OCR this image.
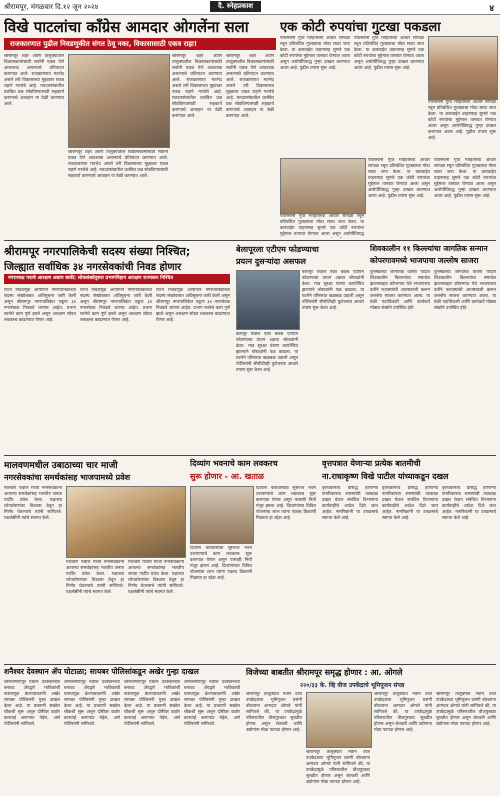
श्रीरामपूर, मंगळवार दि.१२ जून २०२४	दै. स्नेहप्रकाश	४
विखे पाटलांचा काँग्रेस आमदार ओगलेंना सला
राजकारणात पुढील निवडणुकीत संगत ठेवू नका, विकासासाठी एकत्र राहा!
श्रीरामपूर शहर आणि तालुक्यातील विकासकामांसाठी सर्वांनी एकत्र येणे आवश्यक असल्याचे प्रतिपादन करण्यात आले. राजकारणात मतभेद असले तरी विकासाच्या मुद्द्यावर एकत्र राहणे गरजेचे आहे. मतदारसंघातील प्रलंबित प्रश्न सोडविण्यासाठी सहकार्य करण्याचे आवाहन या वेळी करण्यात आले.
श्रीरामपूर शहर आणि तालुक्यातील विकासकामांसाठी सर्वांनी एकत्र येणे आवश्यक असल्याचे प्रतिपादन करण्यात आले. राजकारणात मतभेद असले तरी विकासाच्या मुद्द्यावर एकत्र राहणे गरजेचे आहे. मतदारसंघातील प्रलंबित प्रश्न सोडविण्यासाठी सहकार्य करण्याचे आवाहन या वेळी करण्यात आले.
श्रीरामपूर शहर आणि तालुक्यातील विकासकामांसाठी सर्वांनी एकत्र येणे आवश्यक असल्याचे प्रतिपादन करण्यात आले. राजकारणात मतभेद असले तरी विकासाच्या मुद्द्यावर एकत्र राहणे गरजेचे आहे. मतदारसंघातील प्रलंबित प्रश्न सोडविण्यासाठी सहकार्य करण्याचे आवाहन या वेळी करण्यात आले.
श्रीरामपूर शहर आणि तालुक्यातील विकासकामांसाठी सर्वांनी एकत्र येणे आवश्यक असल्याचे प्रतिपादन करण्यात आले. राजकारणात मतभेद असले तरी विकासाच्या मुद्द्यावर एकत्र राहणे गरजेचे आहे. मतदारसंघातील प्रलंबित प्रश्न सोडविण्यासाठी सहकार्य करण्याचे आवाहन या वेळी करण्यात आले.
एक कोटी रुपयांचा गुटखा पकडला
पोलिसांनी गुप्त माहितीच्या आधारे सापळा रचून प्रतिबंधित गुटख्याचा मोठा साठा जप्त केला. या कारवाईत वाहनासह सुमारे एक कोटी रुपयांचा मुद्देमाल ताब्यात घेण्यात आला असून आरोपींविरुद्ध गुन्हा दाखल करण्यात आला आहे. पुढील तपास सुरू आहे.
पोलिसांनी गुप्त माहितीच्या आधारे सापळा रचून प्रतिबंधित गुटख्याचा मोठा साठा जप्त केला. या कारवाईत वाहनासह सुमारे एक कोटी रुपयांचा मुद्देमाल ताब्यात घेण्यात आला असून आरोपींविरुद्ध गुन्हा दाखल करण्यात आला आहे. पुढील तपास सुरू आहे.
पोलिसांनी गुप्त माहितीच्या आधारे सापळा रचून प्रतिबंधित गुटख्याचा मोठा साठा जप्त केला. या कारवाईत वाहनासह सुमारे एक कोटी रुपयांचा मुद्देमाल ताब्यात घेण्यात आला असून आरोपींविरुद्ध गुन्हा दाखल करण्यात आला आहे. पुढील तपास सुरू आहे.
पोलिसांनी गुप्त माहितीच्या आधारे सापळा रचून प्रतिबंधित गुटख्याचा मोठा साठा जप्त केला. या कारवाईत वाहनासह सुमारे एक कोटी रुपयांचा मुद्देमाल ताब्यात घेण्यात आला असून आरोपींविरुद्ध गुन्हा दाखल करण्यात आला आहे. पुढील तपास सुरू आहे.
पोलिसांनी गुप्त माहितीच्या आधारे सापळा रचून प्रतिबंधित गुटख्याचा मोठा साठा जप्त केला. या कारवाईत वाहनासह सुमारे एक कोटी रुपयांचा मुद्देमाल ताब्यात घेण्यात आला असून आरोपींविरुद्ध गुन्हा दाखल करण्यात आला आहे. पुढील तपास सुरू आहे.
पोलिसांनी गुप्त माहितीच्या आधारे सापळा रचून प्रतिबंधित गुटख्याचा मोठा साठा जप्त केला. या कारवाईत वाहनासह सुमारे एक कोटी रुपयांचा मुद्देमाल ताब्यात घेण्यात आला असून आरोपींविरुद्ध
श्रीरामपूर नगरपालिकेची सदस्य संख्या निश्चित;
जिल्ह्यात सर्वाधिक ३४ नगरसेवकांची निवड होणार
नगराध्यक्ष पदाचे आरक्षण अद्याप बाकी; लोकसंख्येनुसार प्रभागनिहाय आरक्षण राज्यस्तर निश्चित
राज्य निवडणूक आयोगाने नगरपालिकांच्या सदस्य संख्येबाबत अधिसूचना जारी केली असून श्रीरामपूर नगरपालिकेत एकूण ३४ नगरसेवक निवडले जाणार आहेत. प्रभाग रचनेचे काम पूर्ण झाले असून आरक्षण सोडत लवकरच काढण्यात येणार आहे.
राज्य निवडणूक आयोगाने नगरपालिकांच्या सदस्य संख्येबाबत अधिसूचना जारी केली असून श्रीरामपूर नगरपालिकेत एकूण ३४ नगरसेवक निवडले जाणार आहेत. प्रभाग रचनेचे काम पूर्ण झाले असून आरक्षण सोडत लवकरच काढण्यात येणार आहे.
राज्य निवडणूक आयोगाने नगरपालिकांच्या सदस्य संख्येबाबत अधिसूचना जारी केली असून श्रीरामपूर नगरपालिकेत एकूण ३४ नगरसेवक निवडले जाणार आहेत. प्रभाग रचनेचे काम पूर्ण झाले असून आरक्षण सोडत लवकरच काढण्यात येणार आहे.
बेलापूरला एटीएम फोडण्याचा
प्रयत्न दुसऱ्यांदा असफल
बेलापूर येथील एका बँकेचे एटीएम फोडण्याचा प्रयत्न अज्ञात चोरट्यांनी केला. मात्र सुरक्षा यंत्रणा कार्यान्वित झाल्याने चोरट्यांनी पळ काढला. या घटनेने परिसरात खळबळ उडाली असून पोलिसांनी सीसीटीव्ही फुटेजच्या आधारे तपास सुरू केला आहे.
बेलापूर येथील एका बँकेचे एटीएम फोडण्याचा प्रयत्न अज्ञात चोरट्यांनी केला. मात्र सुरक्षा यंत्रणा कार्यान्वित झाल्याने चोरट्यांनी पळ काढला. या घटनेने परिसरात खळबळ उडाली असून पोलिसांनी सीसीटीव्ही फुटेजच्या आधारे तपास सुरू केला आहे.
शिवकालीन ११ किल्ल्यांचा जागतिक सन्मान
कोपरगावमध्ये भाजपाचा जल्लोष साजरा
युनेस्कोच्या जागतिक वारसा यादीत शिवकालीन किल्ल्यांचा समावेश झाल्याबद्दल कोपरगाव येथे भाजपाच्या वतीने फटाक्यांची आतषबाजी करून जल्लोष साजरा करण्यात आला. या वेळी पदाधिकारी आणि कार्यकर्ते मोठ्या संख्येने उपस्थित होते.
युनेस्कोच्या जागतिक वारसा यादीत शिवकालीन किल्ल्यांचा समावेश झाल्याबद्दल कोपरगाव येथे भाजपाच्या वतीने फटाक्यांची आतषबाजी करून जल्लोष साजरा करण्यात आला. या वेळी पदाधिकारी आणि कार्यकर्ते मोठ्या संख्येने उपस्थित होते.
मालवणमधील उबाठाच्या चार माजी
नगरसेवकांचा समर्थकांसह भाजपामध्ये प्रवेश
मालवण येथील माजी नगरसेवकांनी आपल्या समर्थकांसह भारतीय जनता पार्टीत प्रवेश केला. पक्षाच्या ध्येयधोरणांवर विश्वास ठेवून हा निर्णय घेतल्याचे त्यांनी सांगितले. पक्षश्रेष्ठींनी त्यांचे स्वागत केले.
मालवण येथील माजी नगरसेवकांनी आपल्या समर्थकांसह भारतीय जनता पार्टीत प्रवेश केला. पक्षाच्या ध्येयधोरणांवर विश्वास ठेवून हा निर्णय घेतल्याचे त्यांनी सांगितले. पक्षश्रेष्ठींनी त्यांचे स्वागत केले.
मालवण येथील माजी नगरसेवकांनी आपल्या समर्थकांसह भारतीय जनता पार्टीत प्रवेश केला. पक्षाच्या ध्येयधोरणांवर विश्वास ठेवून हा निर्णय घेतल्याचे त्यांनी सांगितले. पक्षश्रेष्ठींनी त्यांचे स्वागत केले.
दिव्यांग भवनाचे काम लवकरच
सुरू होणार - आ. खताळ
दिव्यांग बांधवांसाठी सुसज्ज भवन उभारण्याचे काम लवकरच सुरू करण्यात येणार असून यासाठी निधी मंजूर झाला आहे. दिव्यांगांच्या विविध योजनांचा लाभ त्यांना एकाच ठिकाणी मिळावा हा उद्देश आहे.
दिव्यांग बांधवांसाठी सुसज्ज भवन उभारण्याचे काम लवकरच सुरू करण्यात येणार असून यासाठी निधी मंजूर झाला आहे. दिव्यांगांच्या विविध योजनांचा लाभ त्यांना एकाच ठिकाणी मिळावा हा उद्देश आहे.
वृत्तपत्रात येणाऱ्या प्रत्येक बातमीची
ना.राधाकृष्ण विखे पाटील यांच्याकडून दखल
वृत्तपत्रांमध्ये प्रसिद्ध होणाऱ्या नागरिकांच्या समस्यांची तात्काळ दखल घेऊन संबंधित विभागांना कार्यवाहीचे आदेश दिले जात आहेत. नागरिकांनी या उपक्रमाचे स्वागत केले आहे.
वृत्तपत्रांमध्ये प्रसिद्ध होणाऱ्या नागरिकांच्या समस्यांची तात्काळ दखल घेऊन संबंधित विभागांना कार्यवाहीचे आदेश दिले जात आहेत. नागरिकांनी या उपक्रमाचे स्वागत केले आहे.
वृत्तपत्रांमध्ये प्रसिद्ध होणाऱ्या नागरिकांच्या समस्यांची तात्काळ दखल घेऊन संबंधित विभागांना कार्यवाहीचे आदेश दिले जात आहेत. नागरिकांनी या उपक्रमाचे स्वागत केले आहे.
शनैश्वर देवस्थान ॲप घोटाळा; सायबर पोलिसांकडून अखेर गुन्हा दाखल
शनिशिंगणापूर येथील देवस्थानच्या बनावट ॲपद्वारे भाविकांची फसवणूक केल्याप्रकरणी अखेर सायबर पोलिसांनी गुन्हा दाखल केला आहे. या प्रकरणी सखोल चौकशी सुरू असून दोषींवर कठोर कारवाई करण्यात येईल, असे पोलिसांनी सांगितले.
शनिशिंगणापूर येथील देवस्थानच्या बनावट ॲपद्वारे भाविकांची फसवणूक केल्याप्रकरणी अखेर सायबर पोलिसांनी गुन्हा दाखल केला आहे. या प्रकरणी सखोल चौकशी सुरू असून दोषींवर कठोर कारवाई करण्यात येईल, असे पोलिसांनी सांगितले.
शनिशिंगणापूर येथील देवस्थानच्या बनावट ॲपद्वारे भाविकांची फसवणूक केल्याप्रकरणी अखेर सायबर पोलिसांनी गुन्हा दाखल केला आहे. या प्रकरणी सखोल चौकशी सुरू असून दोषींवर कठोर कारवाई करण्यात येईल, असे पोलिसांनी सांगितले.
शनिशिंगणापूर येथील देवस्थानच्या बनावट ॲपद्वारे भाविकांची फसवणूक केल्याप्रकरणी अखेर सायबर पोलिसांनी गुन्हा दाखल केला आहे. या प्रकरणी सखोल चौकशी सुरू असून दोषींवर कठोर कारवाई करण्यात येईल, असे पोलिसांनी सांगितले.
विजेच्या बाबतीत श्रीरामपूर समृद्ध होणार : आ. ओगले
२२०/३३ के. व्हि वीज उपकेंद्राचे भूमिपूजन संपन्न
श्रीरामपूर तालुक्यात नवीन वीज उपकेंद्राच्या भूमिपूजन प्रसंगी बोलताना आमदार ओगले यांनी सांगितले की, या उपकेंद्रामुळे परिसरातील वीजपुरवठा सुरळीत होणार असून शेतकरी आणि उद्योगांना मोठा फायदा होणार आहे.
श्रीरामपूर तालुक्यात नवीन वीज उपकेंद्राच्या भूमिपूजन प्रसंगी बोलताना आमदार ओगले यांनी सांगितले की, या उपकेंद्रामुळे परिसरातील वीजपुरवठा सुरळीत होणार असून शेतकरी आणि उद्योगांना मोठा फायदा होणार आहे.
श्रीरामपूर तालुक्यात नवीन वीज उपकेंद्राच्या भूमिपूजन प्रसंगी बोलताना आमदार ओगले यांनी सांगितले की, या उपकेंद्रामुळे परिसरातील वीजपुरवठा सुरळीत होणार असून शेतकरी आणि उद्योगांना मोठा फायदा होणार आहे.
श्रीरामपूर तालुक्यात नवीन वीज उपकेंद्राच्या भूमिपूजन प्रसंगी बोलताना आमदार ओगले यांनी सांगितले की, या उपकेंद्रामुळे परिसरातील वीजपुरवठा सुरळीत होणार असून शेतकरी आणि उद्योगांना मोठा फायदा होणार आहे.
